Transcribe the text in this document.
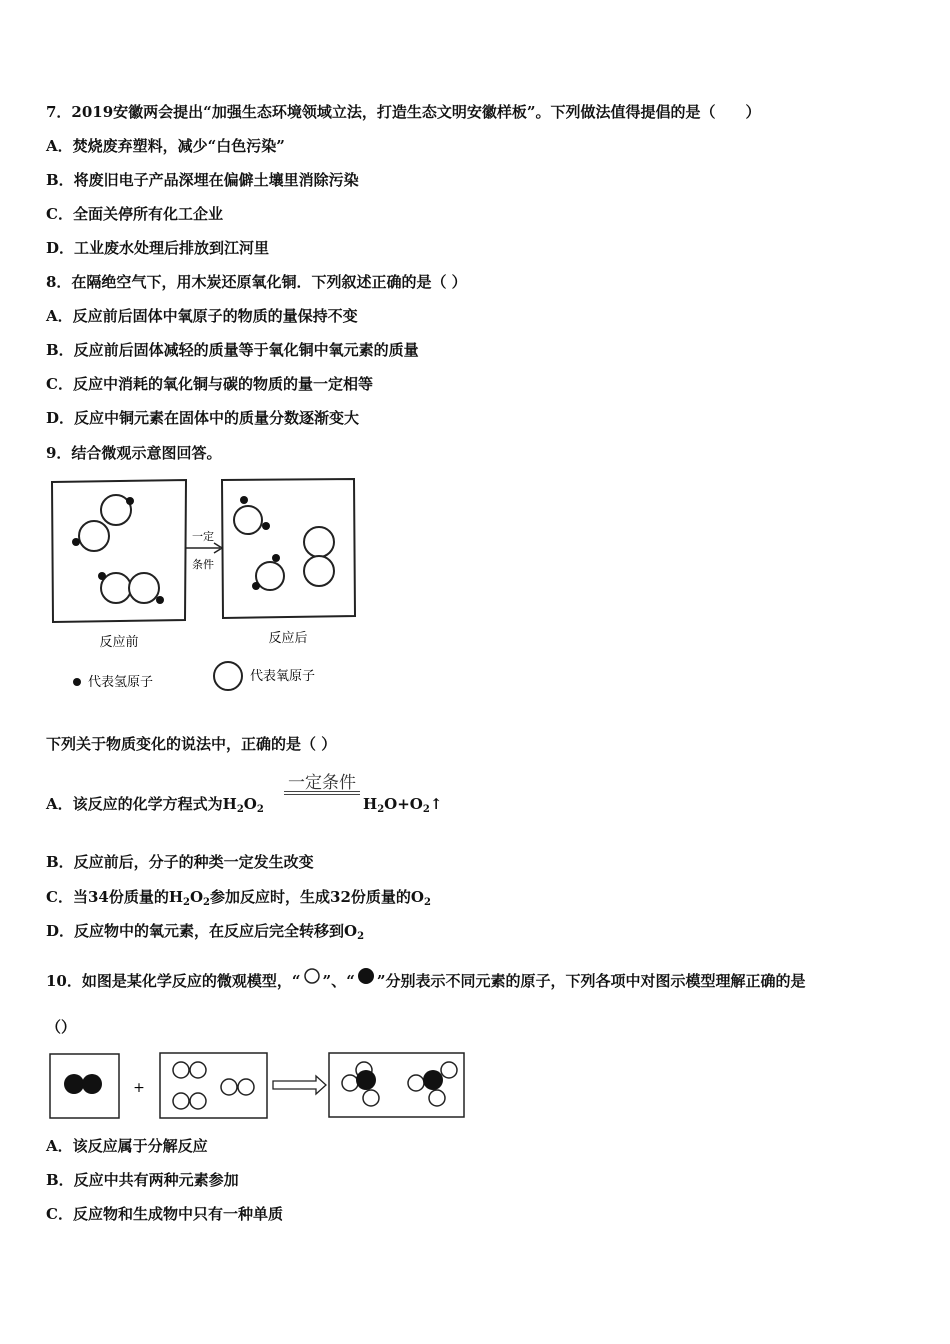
7．2019安徽两会提出“加强生态环境领域立法，打造生态文明安徽样板”。下列做法值得提倡的是（　　）
A．焚烧废弃塑料，减少“白色污染”
B．将废旧电子产品深埋在偏僻土壤里消除污染
C．全面关停所有化工企业
D．工业废水处理后排放到江河里
8．在隔绝空气下，用木炭还原氧化铜．下列叙述正确的是（ ）
A．反应前后固体中氧原子的物质的量保持不变
B．反应前后固体减轻的质量等于氧化铜中氧元素的质量
C．反应中消耗的氧化铜与碳的物质的量一定相等
D．反应中铜元素在固体中的质量分数逐渐变大
9．结合微观示意图回答。
一定
条件
反应前	反应后
代表氢原子	代表氧原子
下列关于物质变化的说法中，正确的是（ ）
A．该反应的化学方程式为$H_2O_2$
一定条件
$H_2O+O_2↑$
B．反应前后，分子的种类一定发生改变
C．当34份质量的$H_2O_2$参加反应时，生成32份质量的$O_2$
D．反应物中的氧元素，在反应后完全转移到$O_2$
10．如图是某化学反应的微观模型，“ ”、“ ”分别表示不同元素的原子，下列各项中对图示模型理解正确的是
（）
+
A．该反应属于分解反应
B．反应中共有两种元素参加
C．反应物和生成物中只有一种单质
